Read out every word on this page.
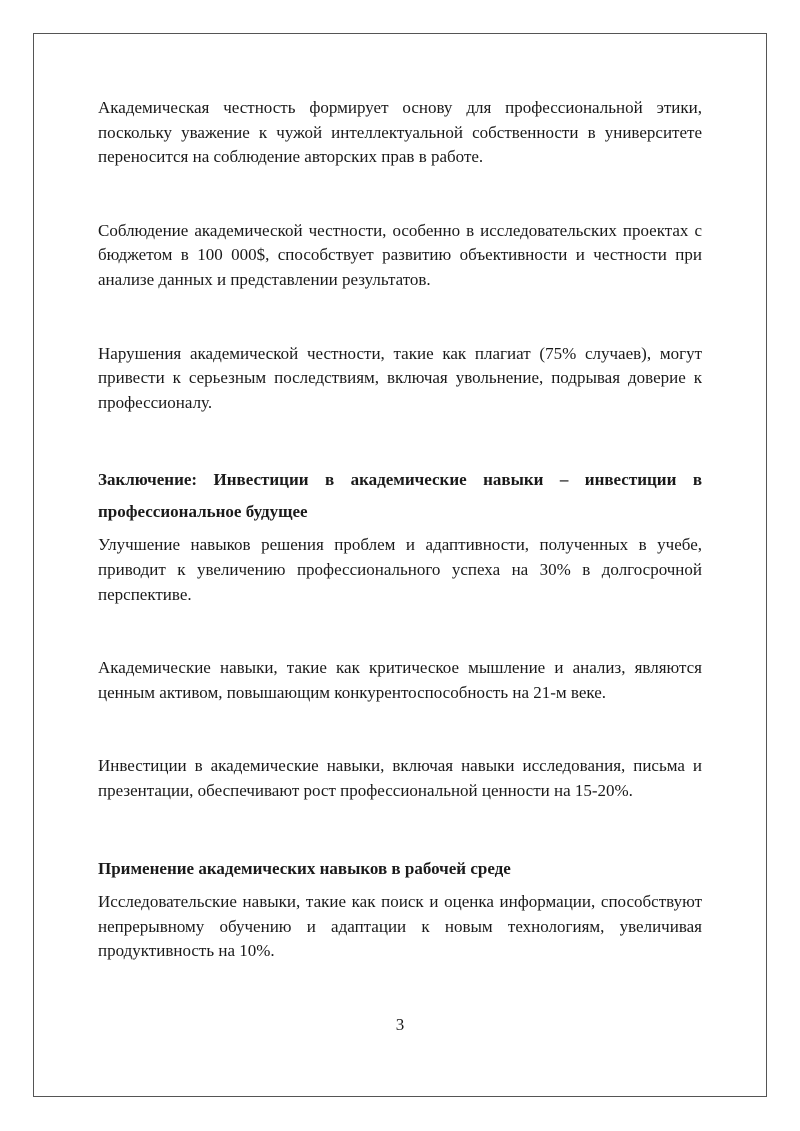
Академическая честность формирует основу для профессиональной этики, поскольку уважение к чужой интеллектуальной собственности в университете переносится на соблюдение авторских прав в работе.

Соблюдение академической честности, особенно в исследовательских проектах с бюджетом в 100 000$, способствует развитию объективности и честности при анализе данных и представлении результатов.

Нарушения академической честности, такие как плагиат (75% случаев), могут привести к серьезным последствиям, включая увольнение, подрывая доверие к профессионалу.

Заключение: Инвестиции в академические навыки – инвестиции в профессиональное будущее

Улучшение навыков решения проблем и адаптивности, полученных в учебе, приводит к увеличению профессионального успеха на 30% в долгосрочной перспективе.

Академические навыки, такие как критическое мышление и анализ, являются ценным активом, повышающим конкурентоспособность на 21-м веке.

Инвестиции в академические навыки, включая навыки исследования, письма и презентации, обеспечивают рост профессиональной ценности на 15-20%.

Применение академических навыков в рабочей среде

Исследовательские навыки, такие как поиск и оценка информации, способствуют непрерывному обучению и адаптации к новым технологиям, увеличивая продуктивность на 10%.

3
